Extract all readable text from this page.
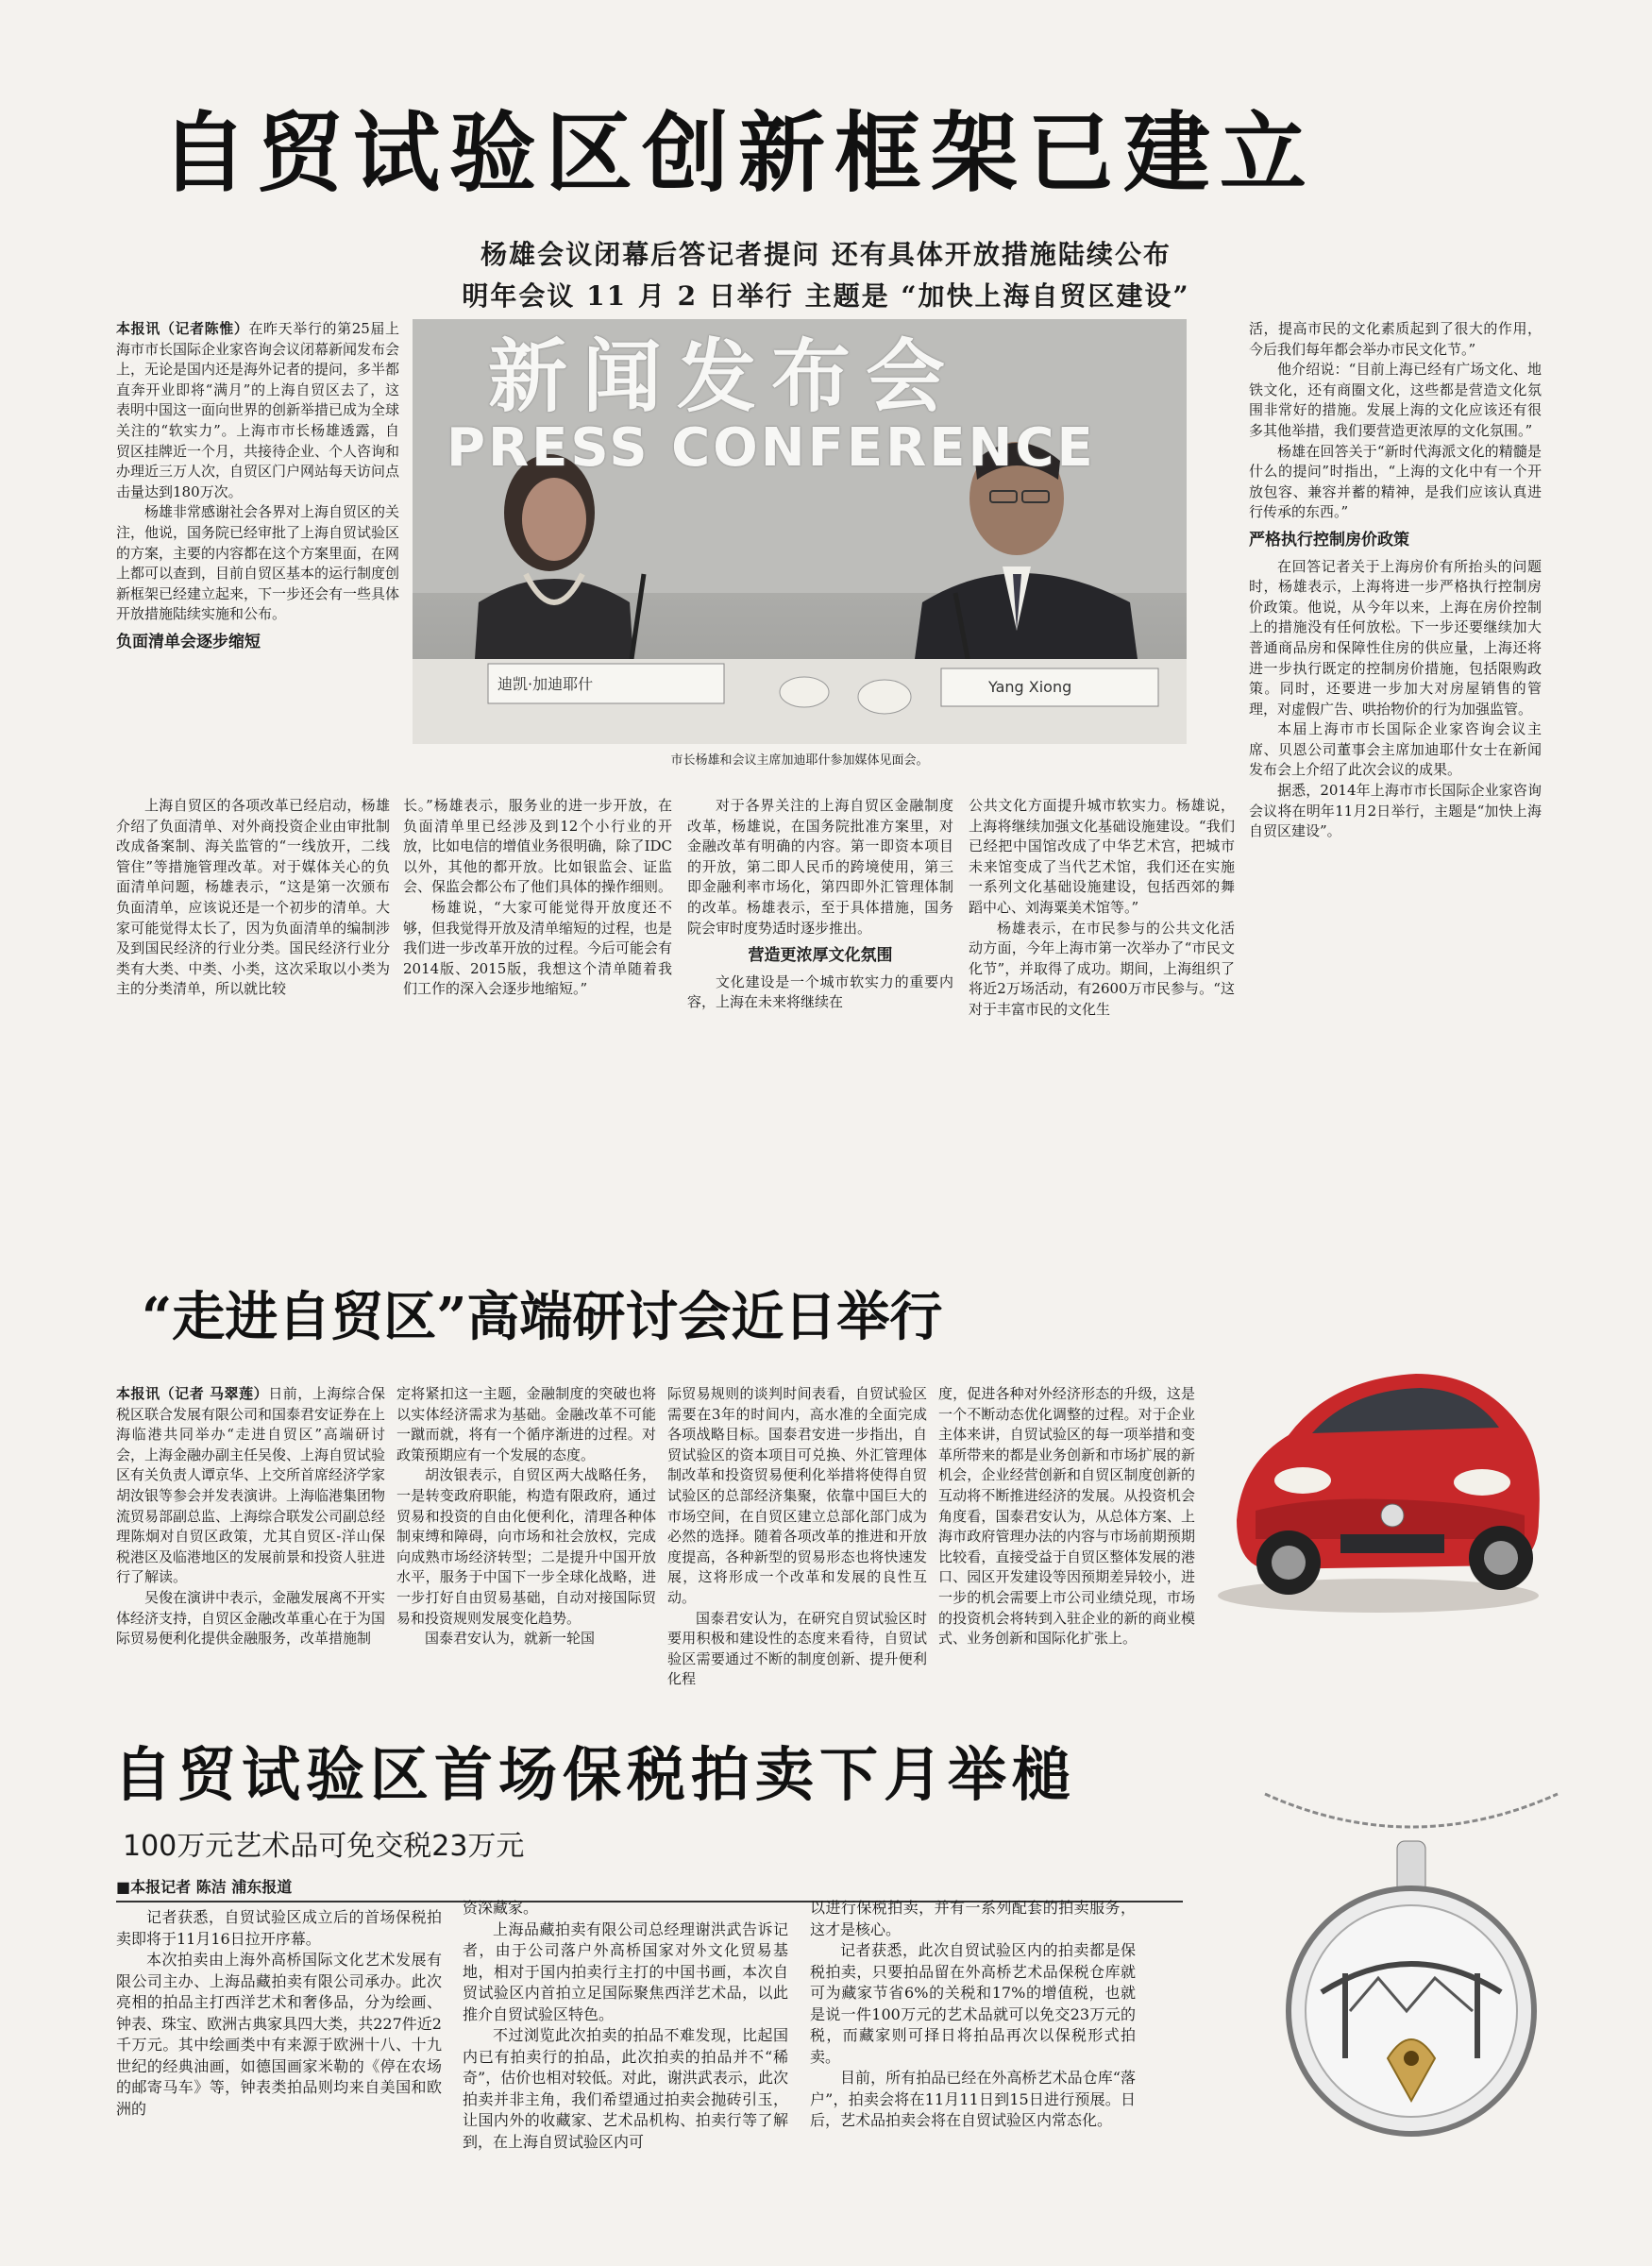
自贸试验区创新框架已建立
杨雄会议闭幕后答记者提问 还有具体开放措施陆续公布
明年会议 11 月 2 日举行 主题是 “加快上海自贸区建设”

本报讯（记者陈惟）在昨天举行的第25届上海市市长国际企业家咨询会议闭幕新闻发布会上，无论是国内还是海外记者的提问，多半都直奔开业即将“满月”的上海自贸区去了，这表明中国这一面向世界的创新举措已成为全球关注的“软实力”。上海市市长杨雄透露，自贸区挂牌近一个月，共接待企业、个人咨询和办理近三万人次，自贸区门户网站每天访问点击量达到180万次。

杨雄非常感谢社会各界对上海自贸区的关注，他说，国务院已经审批了上海自贸试验区的方案，主要的内容都在这个方案里面，在网上都可以查到，目前自贸区基本的运行制度创新框架已经建立起来，下一步还会有一些具体开放措施陆续实施和公布。

负面清单会逐步缩短

新闻发布会
PRESS CONFERENCE
迪凯·加迪耶什	Yang Xiong
市长杨雄和会议主席加迪耶什参加媒体见面会。

上海自贸区的各项改革已经启动，杨雄介绍了负面清单、对外商投资企业由审批制改成备案制、海关监管的“一线放开，二线管住”等措施管理改革。对于媒体关心的负面清单问题，杨雄表示，“这是第一次颁布负面清单，应该说还是一个初步的清单。大家可能觉得太长了，因为负面清单的编制涉及到国民经济的行业分类。国民经济行业分类有大类、中类、小类，这次采取以小类为主的分类清单，所以就比较

长。”杨雄表示，服务业的进一步开放，在负面清单里已经涉及到12个小行业的开放，比如电信的增值业务很明确，除了IDC以外，其他的都开放。比如银监会、证监会、保监会都公布了他们具体的操作细则。

杨雄说，“大家可能觉得开放度还不够，但我觉得开放及清单缩短的过程，也是我们进一步改革开放的过程。今后可能会有2014版、2015版，我想这个清单随着我们工作的深入会逐步地缩短。”

对于各界关注的上海自贸区金融制度改革，杨雄说，在国务院批准方案里，对金融改革有明确的内容。第一即资本项目的开放，第二即人民币的跨境使用，第三即金融利率市场化，第四即外汇管理体制的改革。杨雄表示，至于具体措施，国务院会审时度势适时逐步推出。

营造更浓厚文化氛围

文化建设是一个城市软实力的重要内容，上海在未来将继续在

公共文化方面提升城市软实力。杨雄说，上海将继续加强文化基础设施建设。“我们已经把中国馆改成了中华艺术宫，把城市未来馆变成了当代艺术馆，我们还在实施一系列文化基础设施建设，包括西郊的舞蹈中心、刘海粟美术馆等。”

杨雄表示，在市民参与的公共文化活动方面，今年上海市第一次举办了“市民文化节”，并取得了成功。期间，上海组织了将近2万场活动，有2600万市民参与。“这对于丰富市民的文化生

活，提高市民的文化素质起到了很大的作用，今后我们每年都会举办市民文化节。”

他介绍说：“目前上海已经有广场文化、地铁文化，还有商圈文化，这些都是营造文化氛围非常好的措施。发展上海的文化应该还有很多其他举措，我们要营造更浓厚的文化氛围。”

杨雄在回答关于“新时代海派文化的精髓是什么的提问”时指出，“上海的文化中有一个开放包容、兼容并蓄的精神，是我们应该认真进行传承的东西。”

严格执行控制房价政策

在回答记者关于上海房价有所抬头的问题时，杨雄表示，上海将进一步严格执行控制房价政策。他说，从今年以来，上海在房价控制上的措施没有任何放松。下一步还要继续加大普通商品房和保障性住房的供应量，上海还将进一步执行既定的控制房价措施，包括限购政策。同时，还要进一步加大对房屋销售的管理，对虚假广告、哄抬物价的行为加强监管。

本届上海市市长国际企业家咨询会议主席、贝恩公司董事会主席加迪耶什女士在新闻发布会上介绍了此次会议的成果。

据悉，2014年上海市市长国际企业家咨询会议将在明年11月2日举行，主题是“加快上海自贸区建设”。

“走进自贸区”高端研讨会近日举行

本报讯（记者 马翠莲）日前，上海综合保税区联合发展有限公司和国泰君安证券在上海临港共同举办“走进自贸区”高端研讨会，上海金融办副主任吴俊、上海自贸试验区有关负责人谭京华、上交所首席经济学家胡汝银等参会并发表演讲。上海临港集团物流贸易部副总监、上海综合联发公司副总经理陈炯对自贸区政策，尤其自贸区-洋山保税港区及临港地区的发展前景和投资人驻进行了解读。

吴俊在演讲中表示，金融发展离不开实体经济支持，自贸区金融改革重心在于为国际贸易便利化提供金融服务，改革措施制

定将紧扣这一主题，金融制度的突破也将以实体经济需求为基础。金融改革不可能一蹴而就，将有一个循序渐进的过程。对政策预期应有一个发展的态度。

胡汝银表示，自贸区两大战略任务，一是转变政府职能，构造有限政府，通过贸易和投资的自由化便利化，清理各种体制束缚和障碍，向市场和社会放权，完成向成熟市场经济转型；二是提升中国开放水平，服务于中国下一步全球化战略，进一步打好自由贸易基础，自动对接国际贸易和投资规则发展变化趋势。

国泰君安认为，就新一轮国

际贸易规则的谈判时间表看，自贸试验区需要在3年的时间内，高水准的全面完成各项战略目标。国泰君安进一步指出，自贸试验区的资本项目可兑换、外汇管理体制改革和投资贸易便利化举措将使得自贸试验区的总部经济集聚，依靠中国巨大的市场空间，在自贸区建立总部化部门成为必然的选择。随着各项改革的推进和开放度提高，各种新型的贸易形态也将快速发展，这将形成一个改革和发展的良性互动。

国泰君安认为，在研究自贸试验区时要用积极和建设性的态度来看待，自贸试验区需要通过不断的制度创新、提升便利化程

度，促进各种对外经济形态的升级，这是一个不断动态优化调整的过程。对于企业主体来讲，自贸试验区的每一项举措和变革所带来的都是业务创新和市场扩展的新机会，企业经营创新和自贸区制度创新的互动将不断推进经济的发展。从投资机会角度看，国泰君安认为，从总体方案、上海市政府管理办法的内容与市场前期预期比较看，直接受益于自贸区整体发展的港口、园区开发建设等因预期差异较小，进一步的机会需要上市公司业绩兑现，市场的投资机会将转到入驻企业的新的商业模式、业务创新和国际化扩张上。

自贸试验区首场保税拍卖下月举槌
100万元艺术品可免交税23万元
■本报记者 陈洁 浦东报道

记者获悉，自贸试验区成立后的首场保税拍卖即将于11月16日拉开序幕。

本次拍卖由上海外高桥国际文化艺术发展有限公司主办、上海品藏拍卖有限公司承办。此次亮相的拍品主打西洋艺术和奢侈品，分为绘画、钟表、珠宝、欧洲古典家具四大类，共227件近2千万元。其中绘画类中有来源于欧洲十八、十九世纪的经典油画，如德国画家米勒的《停在农场的邮寄马车》等，钟表类拍品则均来自美国和欧洲的

资深藏家。

上海品藏拍卖有限公司总经理谢洪武告诉记者，由于公司落户外高桥国家对外文化贸易基地，相对于国内拍卖行主打的中国书画，本次自贸试验区内首拍立足国际聚焦西洋艺术品，以此推介自贸试验区特色。

不过浏览此次拍卖的拍品不难发现，比起国内已有拍卖行的拍品，此次拍卖的拍品并不“稀奇”，估价也相对较低。对此，谢洪武表示，此次拍卖并非主角，我们希望通过拍卖会抛砖引玉，让国内外的收藏家、艺术品机构、拍卖行等了解到，在上海自贸试验区内可

以进行保税拍卖，并有一系列配套的拍卖服务，这才是核心。

记者获悉，此次自贸试验区内的拍卖都是保税拍卖，只要拍品留在外高桥艺术品保税仓库就可为藏家节省6%的关税和17%的增值税，也就是说一件100万元的艺术品就可以免交23万元的税，而藏家则可择日将拍品再次以保税形式拍卖。

目前，所有拍品已经在外高桥艺术品仓库“落户”，拍卖会将在11月11日到15日进行预展。日后，艺术品拍卖会将在自贸试验区内常态化。
